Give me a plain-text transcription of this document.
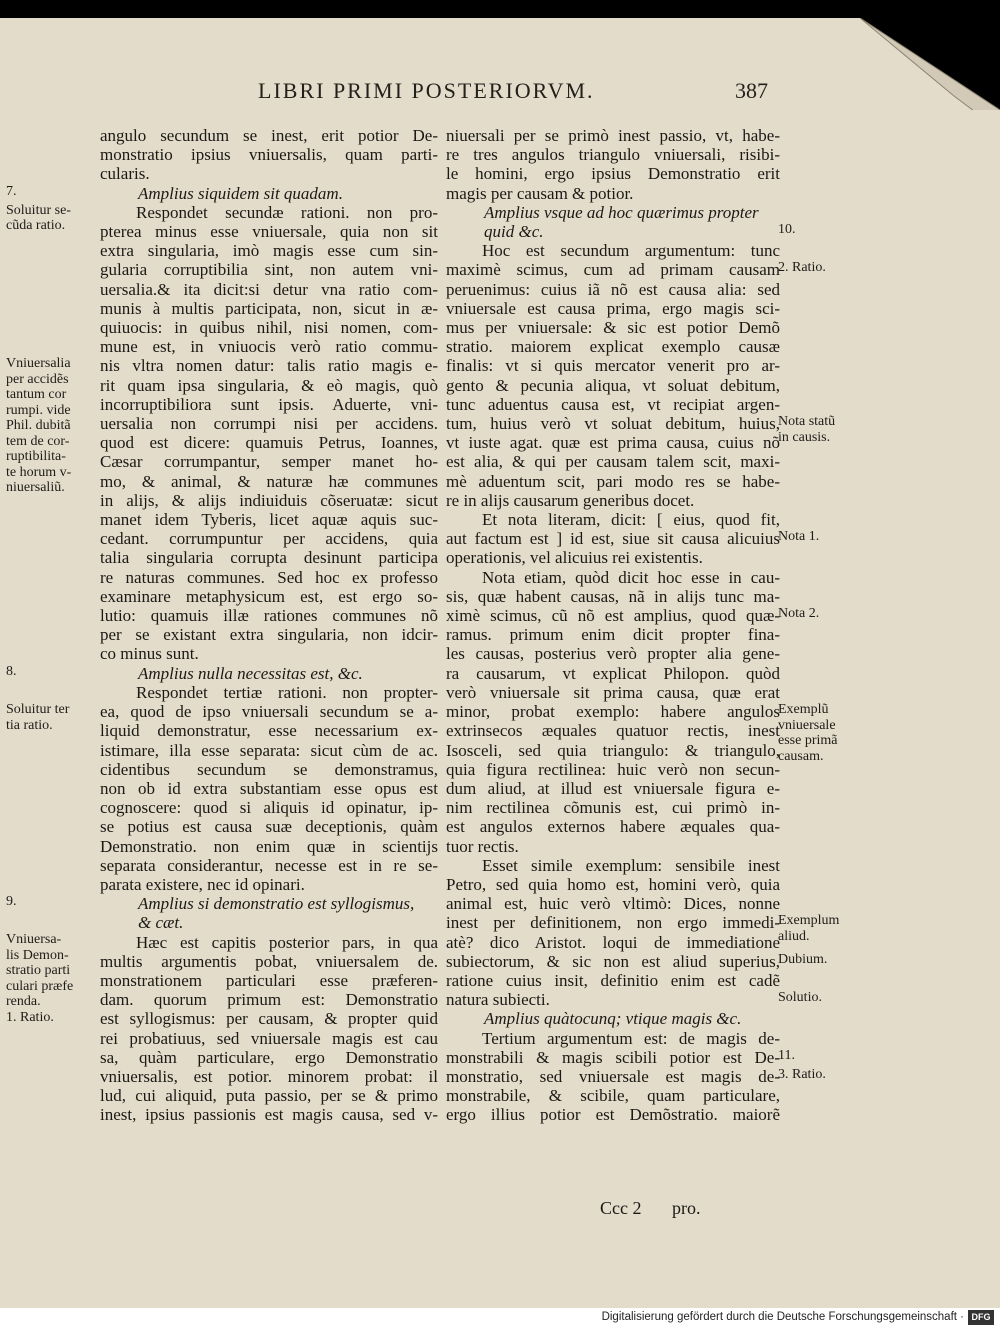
LIBRI PRIMI POSTERIORVM.	387
angulo secundum se inest, erit potior De-
monstratio ipsius vniuersalis, quam parti-
cularis.
Amplius siquidem sit quadam.
Respondet secundæ rationi. non pro-
pterea minus esse vniuersale, quia non sit
extra singularia, imò magis esse cum sin-
gularia corruptibilia sint, non autem vni-
uersalia.& ita dicit:si detur vna ratio com-
munis à multis participata, non, sicut in æ-
quiuocis: in quibus nihil, nisi nomen, com-
mune est, in vniuocis verò ratio commu-
nis vltra nomen datur: talis ratio magis e-
rit quam ipsa singularia, & eò magis, quò
incorruptibiliora sunt ipsis. Aduerte, vni-
uersalia non corrumpi nisi per accidens.
quod est dicere: quamuis Petrus, Ioannes,
Cæsar corrumpantur, semper manet ho-
mo, & animal, & naturæ hæ communes
in alijs, & alijs indiuiduis cõseruatæ: sicut
manet idem Tyberis, licet aquæ aquis suc-
cedant. corrumpuntur per accidens, quia
talia singularia corrupta desinunt participa
re naturas communes. Sed hoc ex professo
examinare metaphysicum est, est ergo so-
lutio: quamuis illæ rationes communes nõ
per se existant extra singularia, non idcir-
co minus sunt.
Amplius nulla necessitas est, &c.
Respondet tertiæ rationi. non propter-
ea, quod de ipso vniuersali secundum se a-
liquid demonstratur, esse necessarium ex-
istimare, illa esse separata: sicut cùm de ac.
cidentibus secundum se demonstramus,
non ob id extra substantiam esse opus est
cognoscere: quod si aliquis id opinatur, ip-
se potius est causa suæ deceptionis, quàm
Demonstratio. non enim quæ in scientijs
separata considerantur, necesse est in re se-
parata existere, nec id opinari.
Amplius si demonstratio est syllogismus,
& cæt.
Hæc est capitis posterior pars, in qua
multis argumentis pobat, vniuersalem de.
monstrationem particulari esse præferen-
dam. quorum primum est: Demonstratio
est syllogismus: per causam, & propter quid
rei probatiuus, sed vniuersale magis est cau
sa, quàm particulare, ergo Demonstratio
vniuersalis, est potior. minorem probat: il
lud, cui aliquid, puta passio, per se & primo
inest, ipsius passionis est magis causa, sed v-
niuersali per se primò inest passio, vt, habe-
re tres angulos triangulo vniuersali, risibi-
le homini, ergo ipsius Demonstratio erit
magis per causam & potior.
Amplius vsque ad hoc quærimus propter
quid &c.
Hoc est secundum argumentum: tunc
maximè scimus, cum ad primam causam
peruenimus: cuius iã nõ est causa alia: sed
vniuersale est causa prima, ergo magis sci-
mus per vniuersale: & sic est potior Demõ
stratio. maiorem explicat exemplo causæ
finalis: vt si quis mercator venerit pro ar-
gento & pecunia aliqua, vt soluat debitum,
tunc aduentus causa est, vt recipiat argen-
tum, huius verò vt soluat debitum, huius,
vt iuste agat. quæ est prima causa, cuius nõ
est alia, & qui per causam talem scit, maxi-
mè aduentum scit, pari modo res se habe-
re in alijs causarum generibus docet.
Et nota literam, dicit: [ eius, quod fit,
aut factum est ] id est, siue sit causa alicuius
operationis, vel alicuius rei existentis.
Nota etiam, quòd dicit hoc esse in cau-
sis, quæ habent causas, nã in alijs tunc ma-
ximè scimus, cũ nõ est amplius, quod quæ-
ramus. primum enim dicit propter fina-
les causas, posterius verò propter alia gene-
ra causarum, vt explicat Philopon. quòd
verò vniuersale sit prima causa, quæ erat
minor, probat exemplo: habere angulos
extrinsecos æquales quatuor rectis, inest
Isosceli, sed quia triangulo: & triangulo,
quia figura rectilinea: huic verò non secun-
dum aliud, at illud est vniuersale figura e-
nim rectilinea cõmunis est, cui primò in-
est angulos externos habere æquales qua-
tuor rectis.
Esset simile exemplum: sensibile inest
Petro, sed quia homo est, homini verò, quia
animal est, huic verò vltimò: Dices, nonne
inest per definitionem, non ergo immedi-
atè? dico Aristot. loqui de immediatione
subiectorum, & sic non est aliud superius,
ratione cuius insit, definitio enim est cadẽ
natura subiecti.
Amplius quàtocunq; vtique magis &c.
Tertium argumentum est: de magis de-
monstrabili & magis scibili potior est De-
monstratio, sed vniuersale est magis de-
monstrabile, & scibile, quam particulare,
ergo illius potior est Demõstratio. maiorẽ
7.
Soluitur se-
cũda ratio.
Vniuersalia
per accidẽs
tantum cor
rumpi. vide
Phil. dubitã
tem de cor-
ruptibilita-
te horum v-
niuersaliũ.
8.
Soluitur ter
tia ratio.
9.
Vniuersa-
lis Demon-
stratio parti
culari præfe
renda.
1. Ratio.
10.
2. Ratio.
Nota statũ
in causis.
Nota 1.
Nota 2.
Exemplũ
vniuersale
esse primã
causam.
Exemplum
aliud.
Dubium.
Solutio.
11.
3. Ratio.
Ccc 2 pro.
Digitalisierung gefördert durch die Deutsche Forschungsgemeinschaft · DFG
